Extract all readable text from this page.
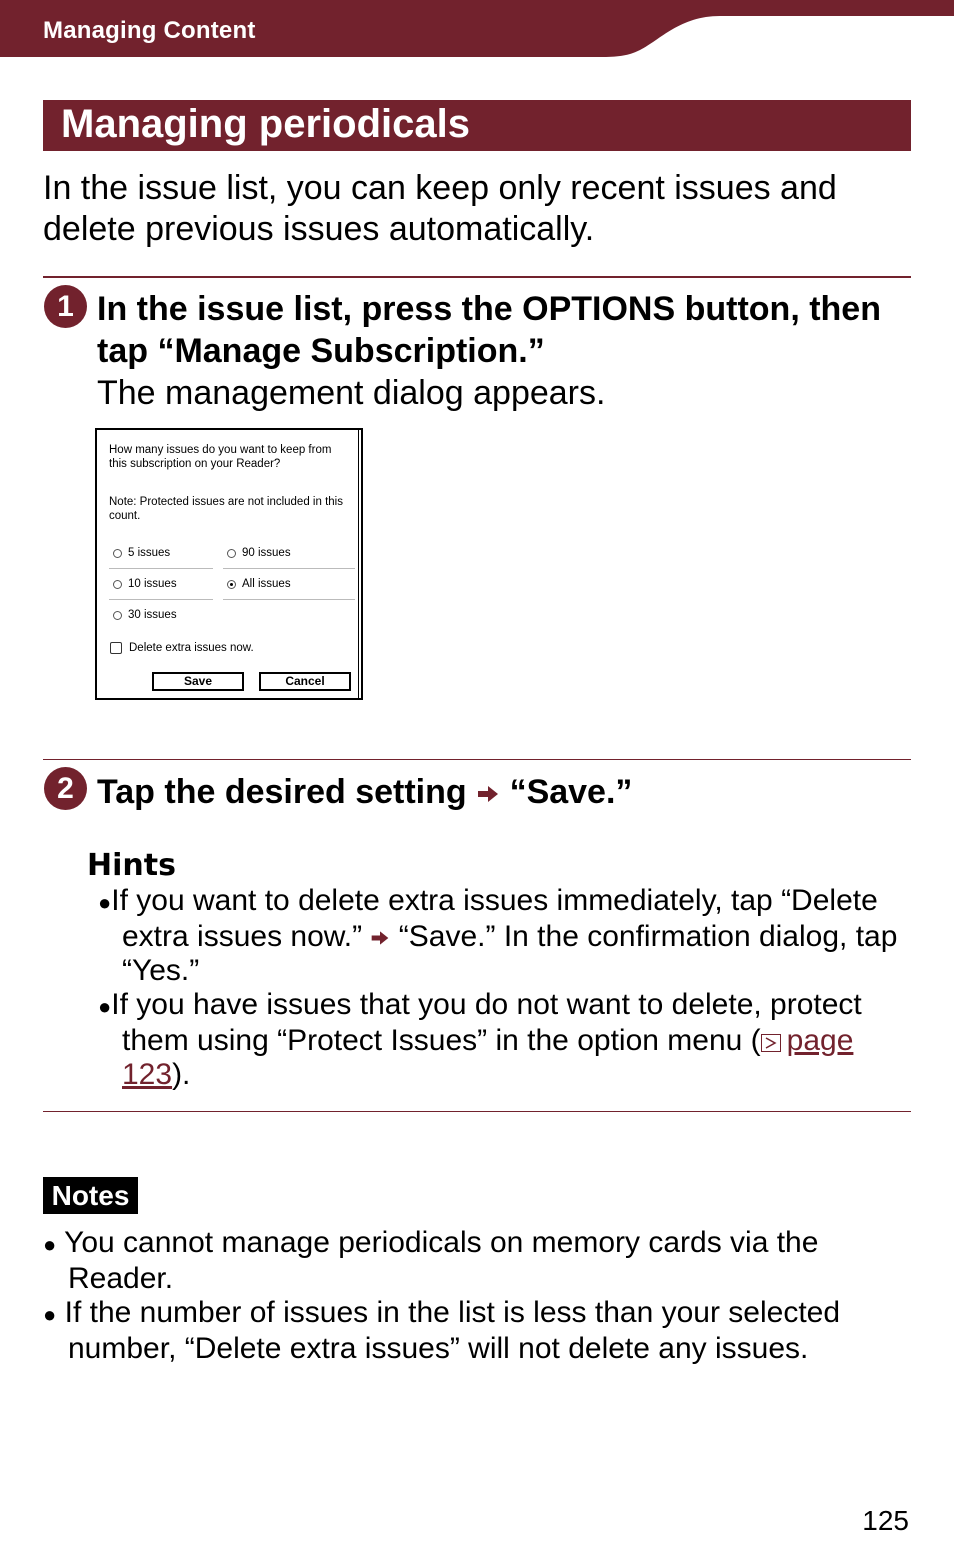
Managing Content
Managing periodicals
In the issue list, you can keep only recent issues and delete previous issues automatically.
1 In the issue list, press the OPTIONS button, then
tap “Manage Subscription.”
The management dialog appears.
How many issues do you want to keep from this subscription on your Reader?
Note: Protected issues are not included in this count.
5 issues	90 issues
10 issues	All issues
30 issues
Delete extra issues now.
Save	Cancel
2 Tap the desired setting “Save.”
Hints
●If you want to delete extra issues immediately, tap “Delete
extra issues now.” “Save.” In the confirmation dialog, tap
“Yes.”
●If you have issues that you do not want to delete, protect
them using “Protect Issues” in the option menu ( page
123).
Notes
● You cannot manage periodicals on memory cards via the
Reader.
● If the number of issues in the list is less than your selected
number, “Delete extra issues” will not delete any issues.
125
